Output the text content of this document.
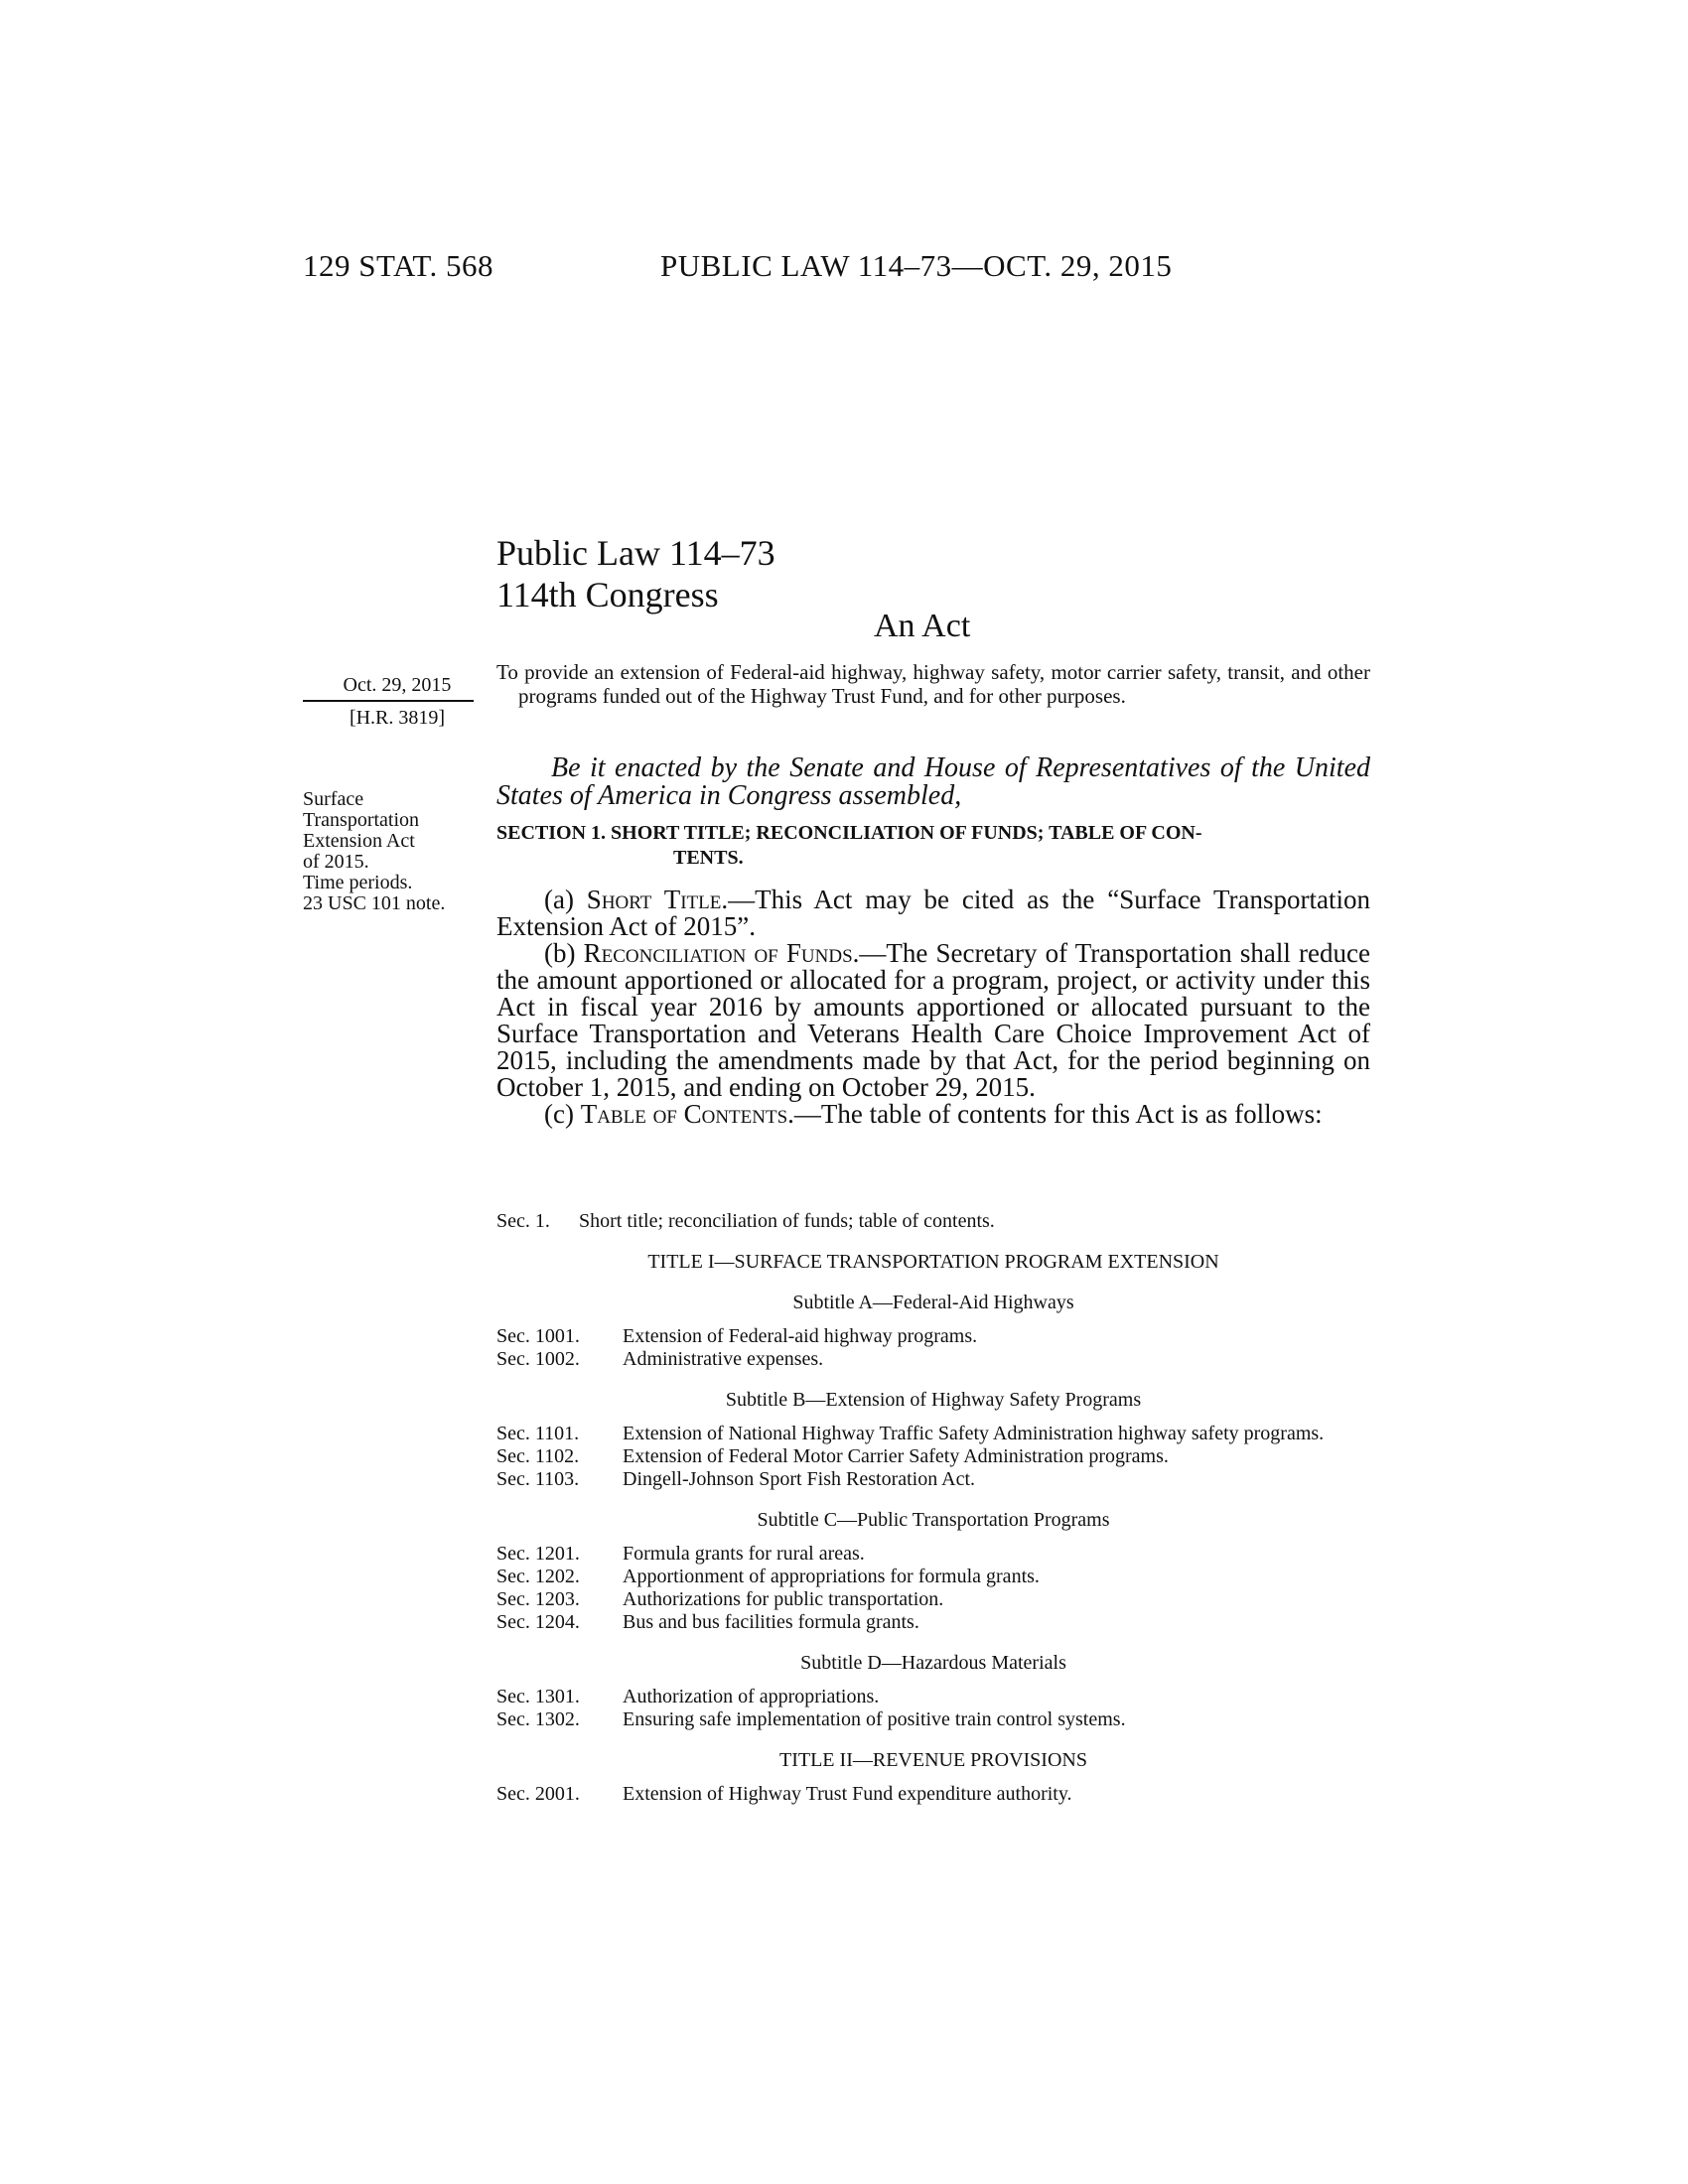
129 STAT. 568	PUBLIC LAW 114–73—OCT. 29, 2015
Public Law 114–73
114th Congress
An Act
Oct. 29, 2015
[H.R. 3819]
Surface
Transportation
Extension Act
of 2015.
Time periods.
23 USC 101 note.
To provide an extension of Federal-aid highway, highway safety, motor carrier safety, transit, and other programs funded out of the Highway Trust Fund, and for other purposes.

Be it enacted by the Senate and House of Representatives of the United States of America in Congress assembled,

SECTION 1. SHORT TITLE; RECONCILIATION OF FUNDS; TABLE OF CON-
TENTS.

(a) Short Title.—This Act may be cited as the “Surface Transportation Extension Act of 2015”.

(b) Reconciliation of Funds.—The Secretary of Transportation shall reduce the amount apportioned or allocated for a program, project, or activity under this Act in fiscal year 2016 by amounts apportioned or allocated pursuant to the Surface Transportation and Veterans Health Care Choice Improvement Act of 2015, including the amendments made by that Act, for the period beginning on October 1, 2015, and ending on October 29, 2015.

(c) Table of Contents.—The table of contents for this Act is as follows:

Sec. 1.	Short title; reconciliation of funds; table of contents.
TITLE I—SURFACE TRANSPORTATION PROGRAM EXTENSION
Subtitle A—Federal-Aid Highways
Sec. 1001.	Extension of Federal-aid highway programs.
Sec. 1002.	Administrative expenses.
Subtitle B—Extension of Highway Safety Programs
Sec. 1101.	Extension of National Highway Traffic Safety Administration highway safety programs.
Sec. 1102.	Extension of Federal Motor Carrier Safety Administration programs.
Sec. 1103.	Dingell-Johnson Sport Fish Restoration Act.
Subtitle C—Public Transportation Programs
Sec. 1201.	Formula grants for rural areas.
Sec. 1202.	Apportionment of appropriations for formula grants.
Sec. 1203.	Authorizations for public transportation.
Sec. 1204.	Bus and bus facilities formula grants.
Subtitle D—Hazardous Materials
Sec. 1301.	Authorization of appropriations.
Sec. 1302.	Ensuring safe implementation of positive train control systems.
TITLE II—REVENUE PROVISIONS
Sec. 2001.	Extension of Highway Trust Fund expenditure authority.
